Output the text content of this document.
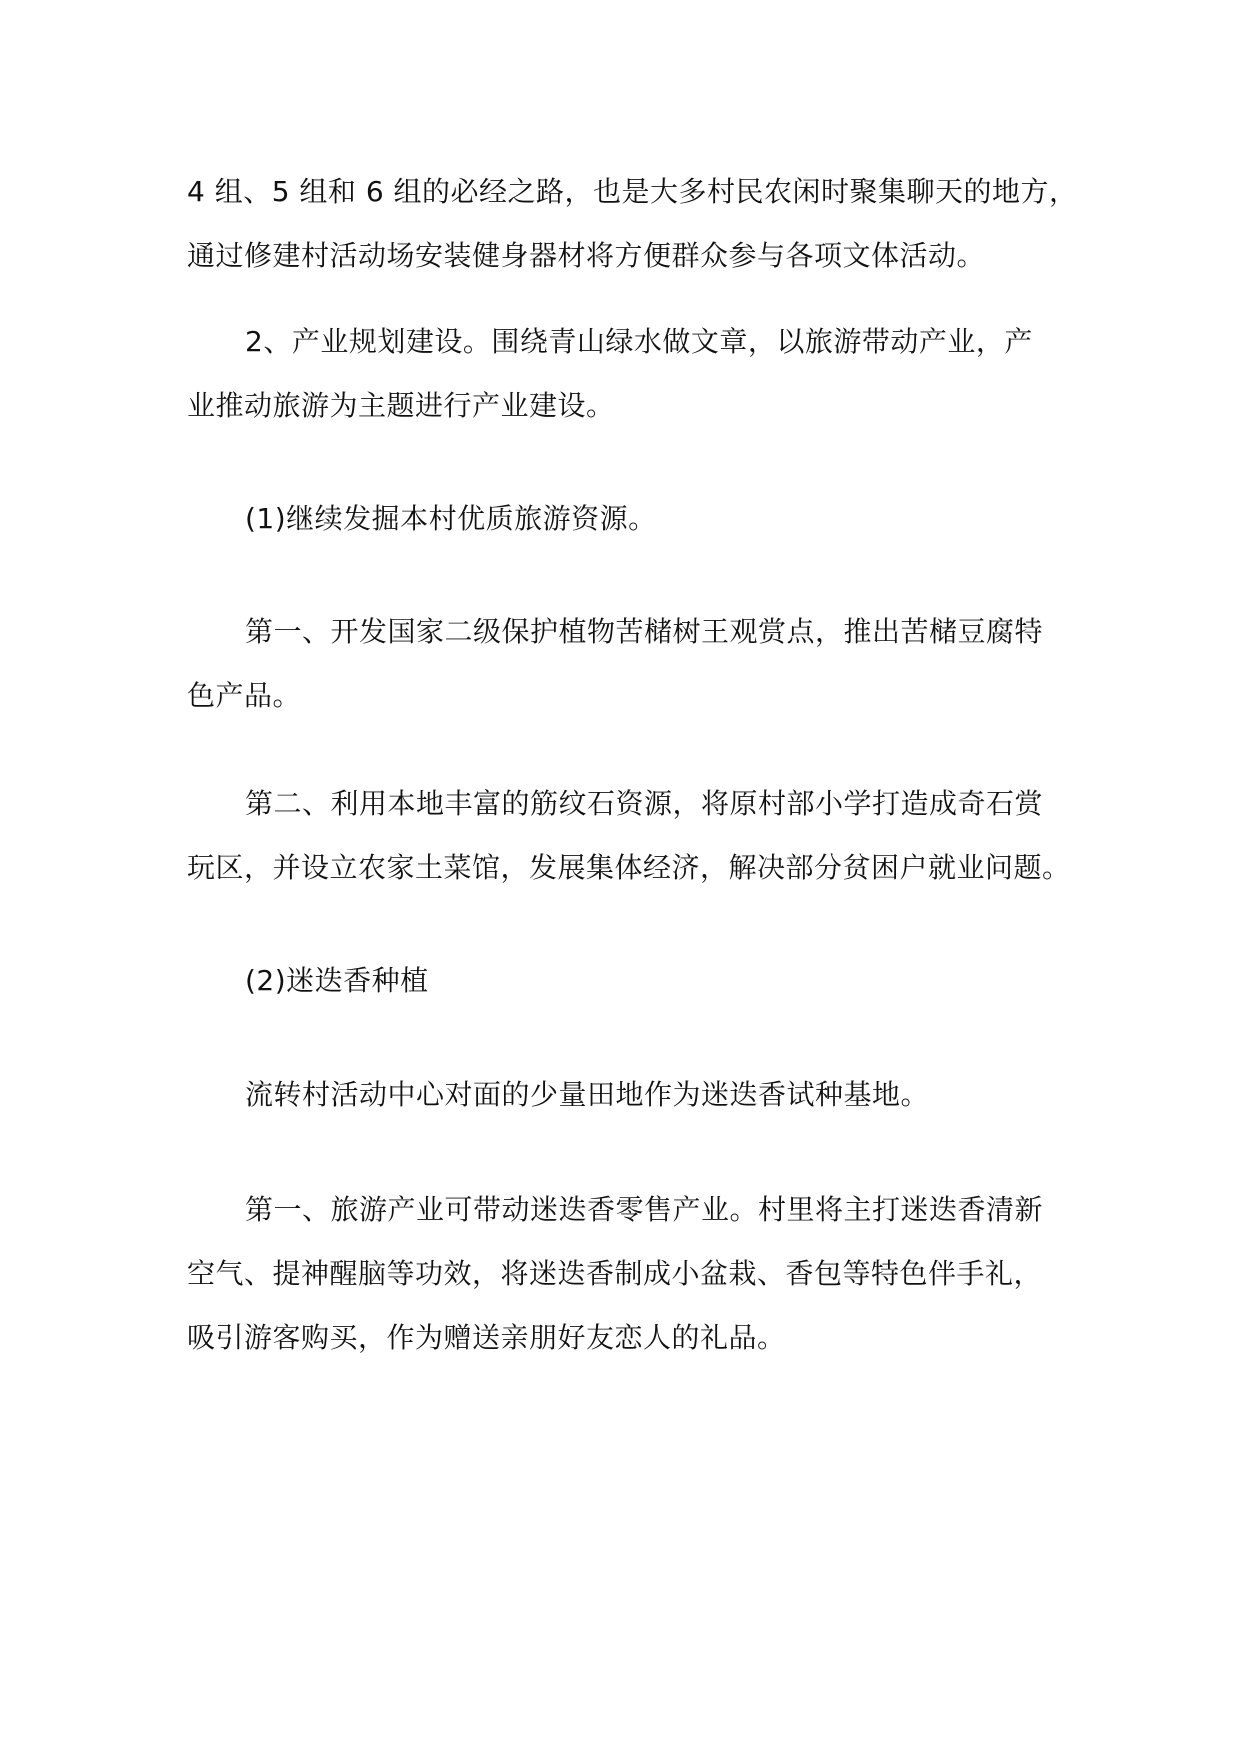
4 组、5 组和 6 组的必经之路，也是大多村民农闲时聚集聊天的地方，
通过修建村活动场安装健身器材将方便群众参与各项文体活动。
2、产业规划建设。围绕青山绿水做文章，以旅游带动产业，产
业推动旅游为主题进行产业建设。
(1)继续发掘本村优质旅游资源。
第一、开发国家二级保护植物苦槠树王观赏点，推出苦槠豆腐特
色产品。
第二、利用本地丰富的筋纹石资源，将原村部小学打造成奇石赏
玩区，并设立农家土菜馆，发展集体经济，解决部分贫困户就业问题。
(2)迷迭香种植
流转村活动中心对面的少量田地作为迷迭香试种基地。
第一、旅游产业可带动迷迭香零售产业。村里将主打迷迭香清新
空气、提神醒脑等功效，将迷迭香制成小盆栽、香包等特色伴手礼，
吸引游客购买，作为赠送亲朋好友恋人的礼品。
